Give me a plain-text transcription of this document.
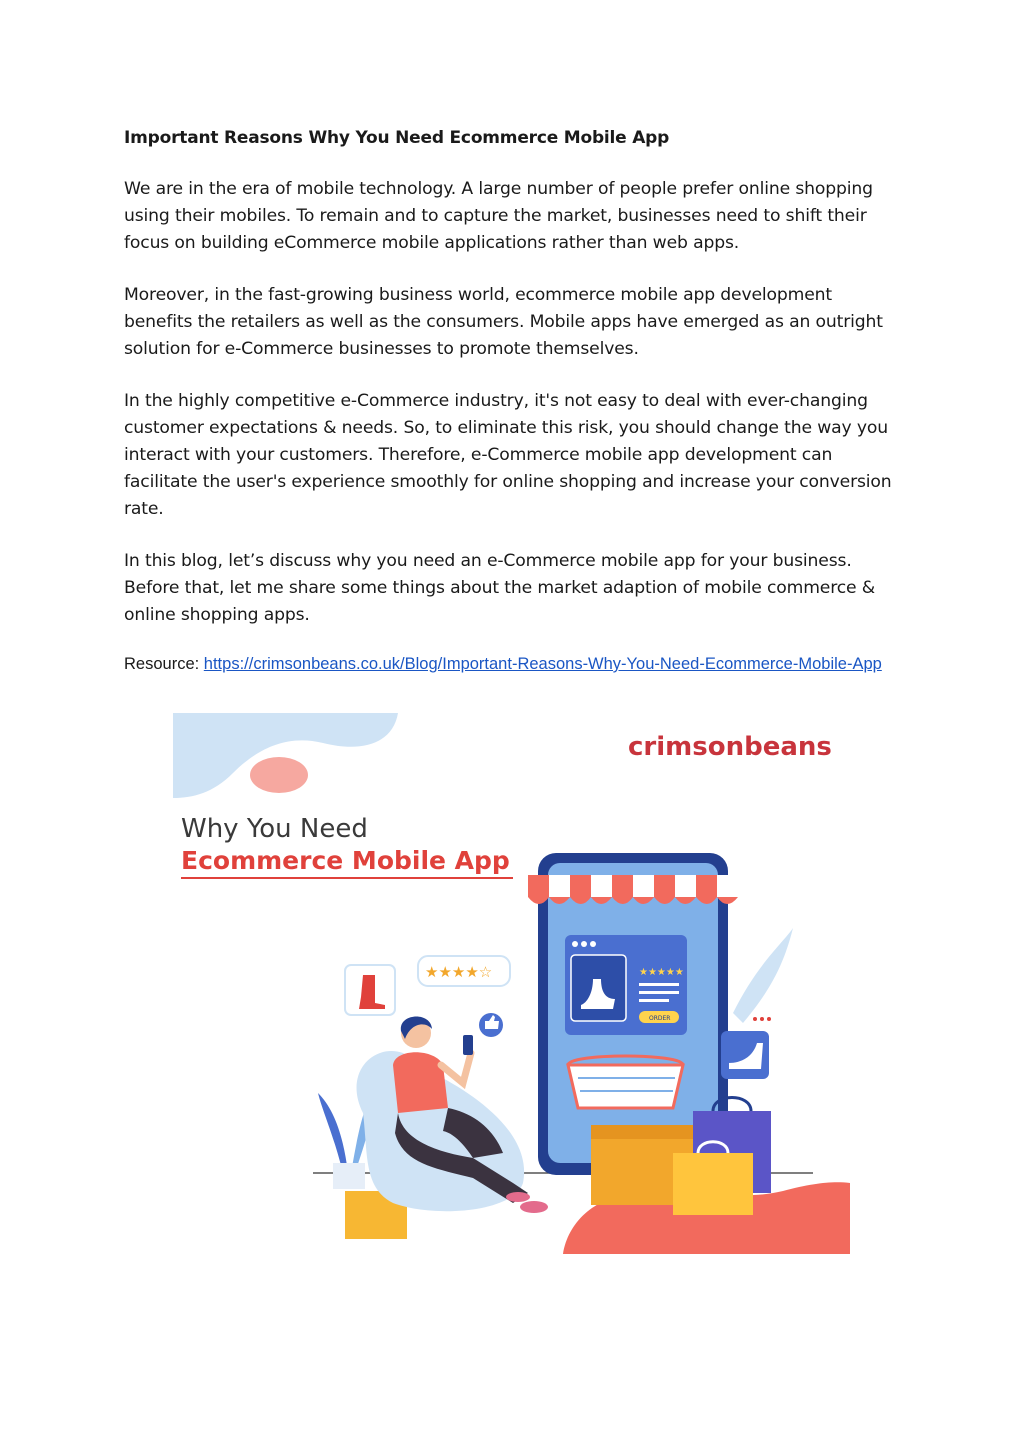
Important Reasons Why You Need Ecommerce Mobile App

We are in the era of mobile technology. A large number of people prefer online shopping using their mobiles. To remain and to capture the market, businesses need to shift their focus on building eCommerce mobile applications rather than web apps.

Moreover, in the fast-growing business world, ecommerce mobile app development benefits the retailers as well as the consumers. Mobile apps have emerged as an outright solution for e-Commerce businesses to promote themselves.

In the highly competitive e-Commerce industry, it's not easy to deal with ever-changing customer expectations & needs. So, to eliminate this risk, you should change the way you interact with your customers. Therefore, e-Commerce mobile app development can facilitate the user's experience smoothly for online shopping and increase your conversion rate.

In this blog, let’s discuss why you need an e-Commerce mobile app for your business. Before that, let me share some things about the market adaption of mobile commerce & online shopping apps.

Resource: https://crimsonbeans.co.uk/Blog/Important-Reasons-Why-You-Need-Ecommerce-Mobile-App
crimsonbeans
Why You Need
Ecommerce Mobile App
★★★★★
ORDER
★★★★☆
